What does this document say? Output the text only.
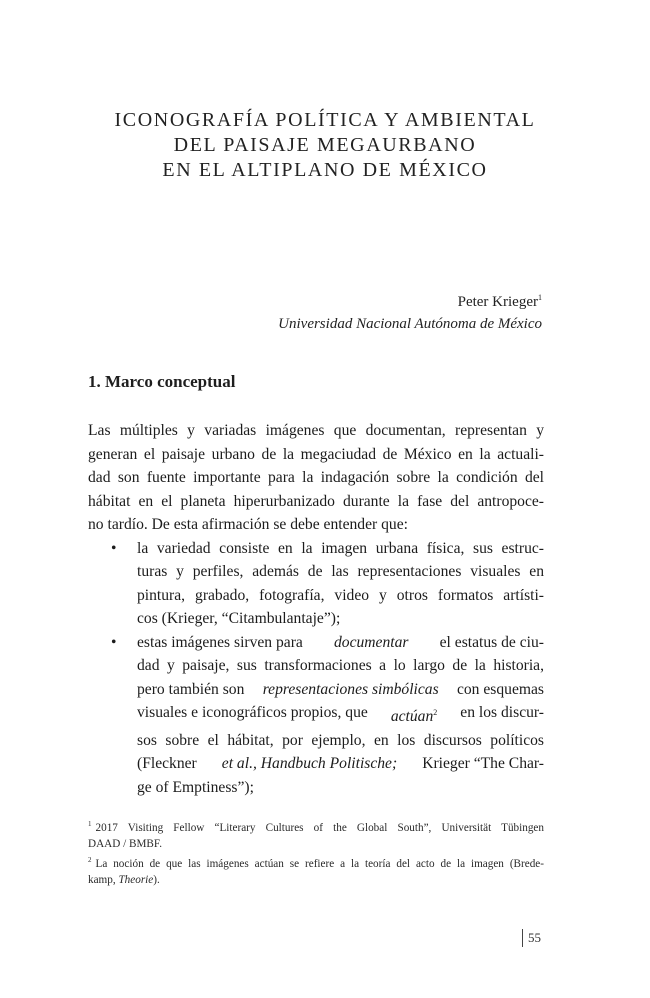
ICONOGRAFÍA POLÍTICA Y AMBIENTAL
DEL PAISAJE MEGAURBANO
EN EL ALTIPLANO DE MÉXICO
Peter Krieger$^1$
Universidad Nacional Autónoma de México
1. Marco conceptual
Las múltiples y variadas imágenes que documentan, representan y
generan el paisaje urbano de la megaciudad de México en la actuali-
dad son fuente importante para la indagación sobre la condición del
hábitat en el planeta hiperurbanizado durante la fase del antropoce-
no tardío. De esta afirmación se debe entender que:
• la variedad consiste en la imagen urbana física, sus estruc-
turas y perfiles, además de las representaciones visuales en
pintura, grabado, fotografía, video y otros formatos artísti-
cos (Krieger, “Citambulantaje”);
• estas imágenes sirven para documentar el estatus de ciu-
dad y paisaje, sus transformaciones a lo largo de la historia,
pero también son representaciones simbólicas con esquemas
visuales e iconográficos propios, que actúan$^2$ en los discur-
sos sobre el hábitat, por ejemplo, en los discursos políticos
(Fleckner et al., Handbuch Politische; Krieger “The Char-
ge of Emptiness”);
$^1$ 2017 Visiting Fellow “Literary Cultures of the Global South”, Universität Tübingen
DAAD / BMBF.
$^2$ La noción de que las imágenes actúan se refiere a la teoría del acto de la imagen (Brede-
kamp, Theorie).
55
